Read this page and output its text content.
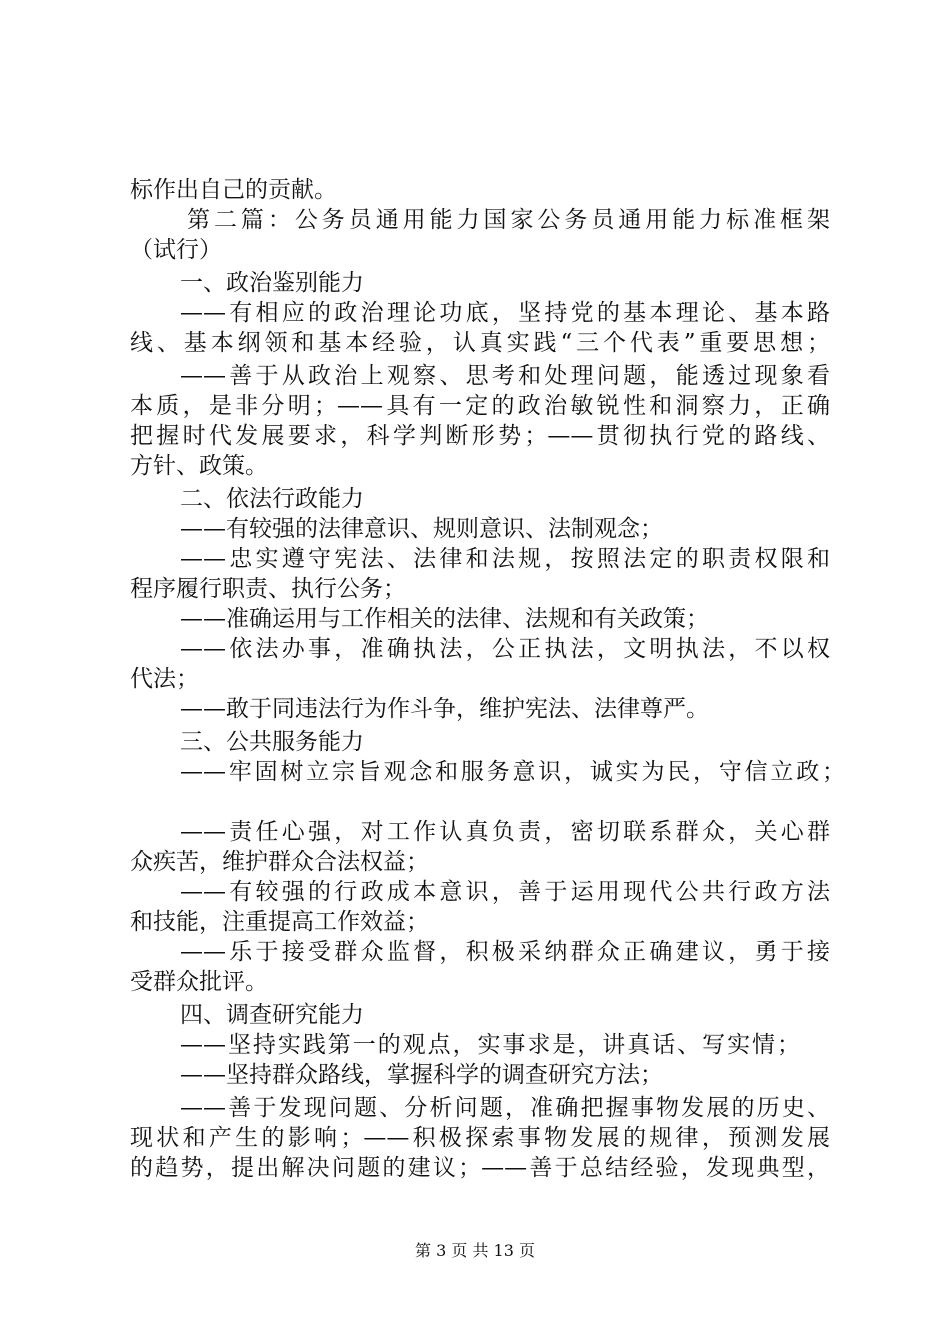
标作出自己的贡献。
第二篇：公务员通用能力国家公务员通用能力标准框架
（试行）
一、政治鉴别能力
——有相应的政治理论功底，坚持党的基本理论、基本路
线、基本纲领和基本经验，认真实践“三个代表”重要思想；
——善于从政治上观察、思考和处理问题，能透过现象看
本质，是非分明；——具有一定的政治敏锐性和洞察力，正确
把握时代发展要求，科学判断形势；——贯彻执行党的路线、
方针、政策。
二、依法行政能力
——有较强的法律意识、规则意识、法制观念；
——忠实遵守宪法、法律和法规，按照法定的职责权限和
程序履行职责、执行公务；
——准确运用与工作相关的法律、法规和有关政策；
——依法办事，准确执法，公正执法，文明执法，不以权
代法；
——敢于同违法行为作斗争，维护宪法、法律尊严。
三、公共服务能力
——牢固树立宗旨观念和服务意识，诚实为民，守信立政；
——责任心强，对工作认真负责，密切联系群众，关心群
众疾苦，维护群众合法权益；
——有较强的行政成本意识，善于运用现代公共行政方法
和技能，注重提高工作效益；
——乐于接受群众监督，积极采纳群众正确建议，勇于接
受群众批评。
四、调查研究能力
——坚持实践第一的观点，实事求是，讲真话、写实情；
——坚持群众路线，掌握科学的调查研究方法；
——善于发现问题、分析问题，准确把握事物发展的历史、
现状和产生的影响；——积极探索事物发展的规律，预测发展
的趋势，提出解决问题的建议；——善于总结经验，发现典型，
第 3 页 共 13 页
